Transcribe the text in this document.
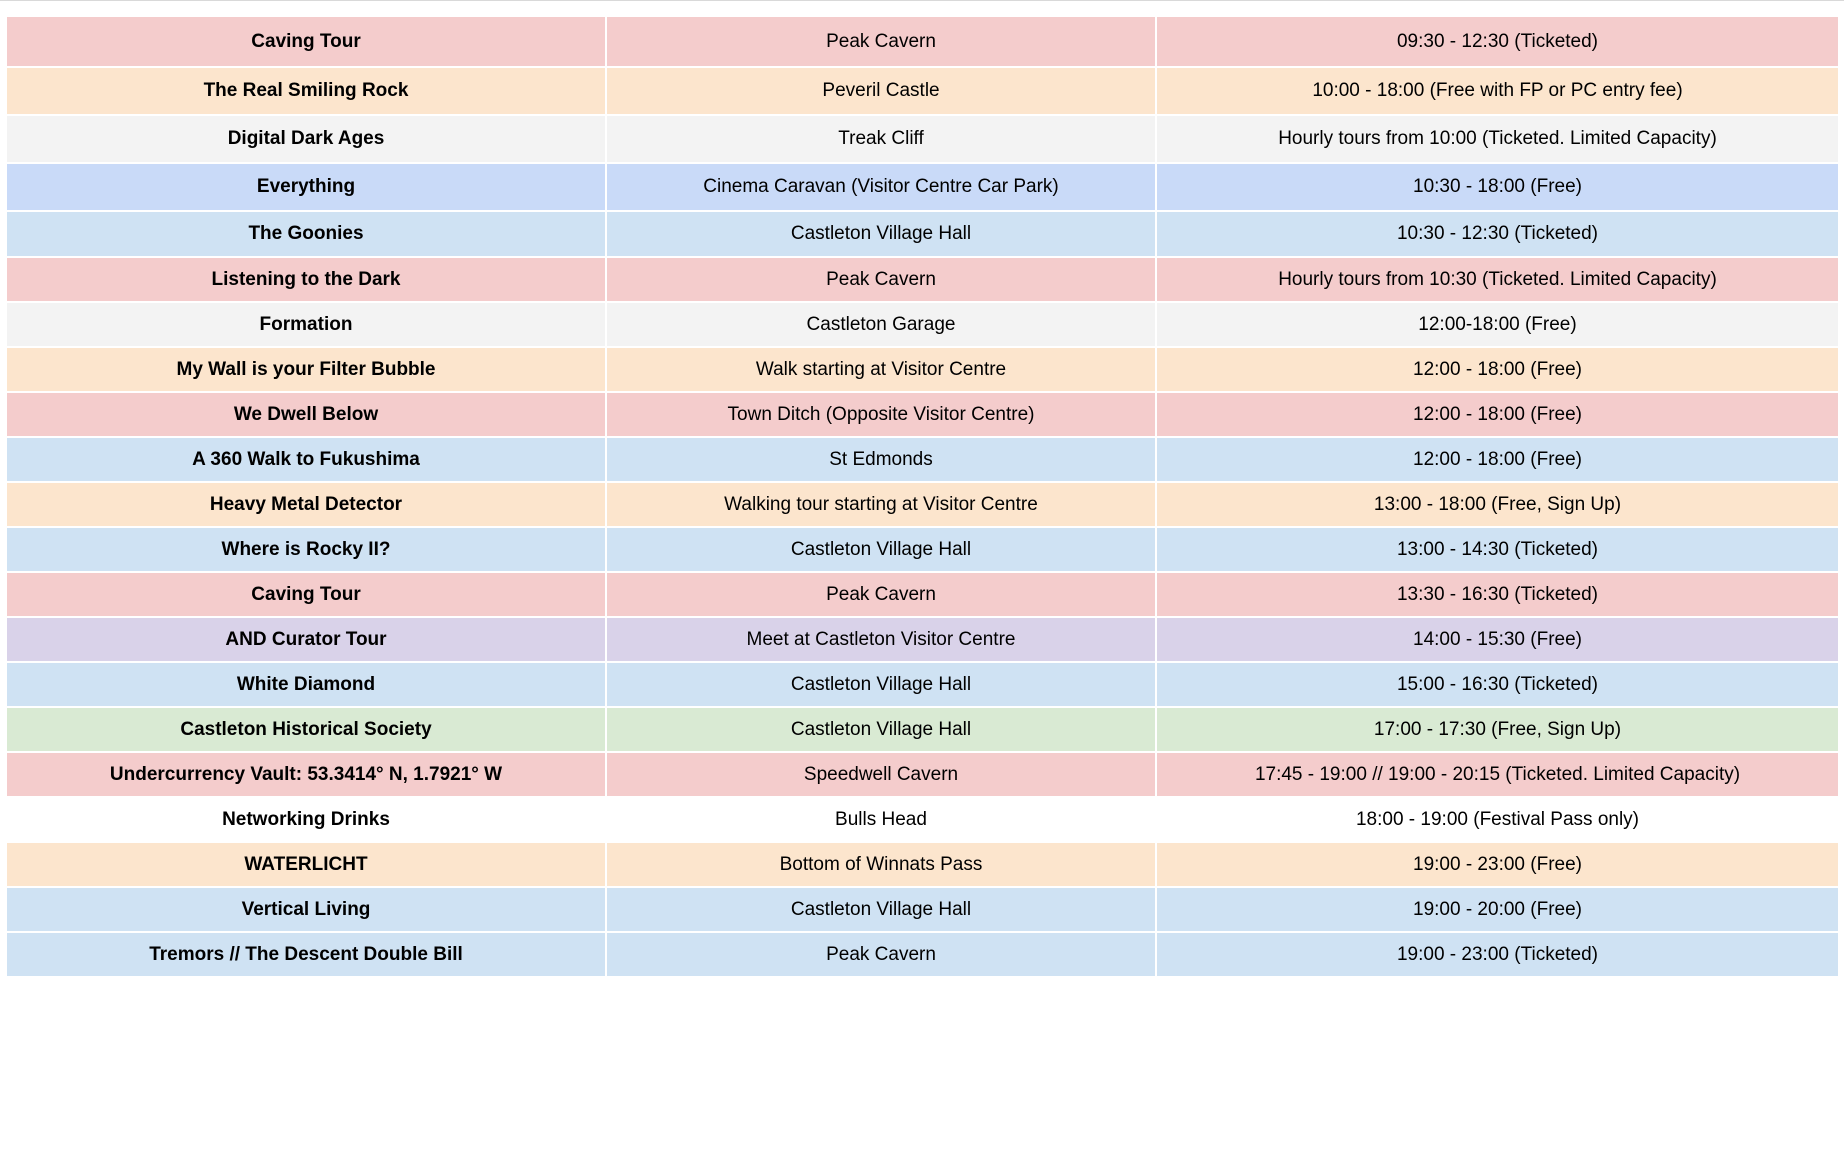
Caving Tour	Peak Cavern	09:30 - 12:30 (Ticketed)
The Real Smiling Rock	Peveril Castle	10:00 - 18:00 (Free with FP or PC entry fee)
Digital Dark Ages	Treak Cliff	Hourly tours from 10:00 (Ticketed. Limited Capacity)
Everything	Cinema Caravan (Visitor Centre Car Park)	10:30 - 18:00 (Free)
The Goonies	Castleton Village Hall	10:30 - 12:30 (Ticketed)
Listening to the Dark	Peak Cavern	Hourly tours from 10:30 (Ticketed. Limited Capacity)
Formation	Castleton Garage	12:00-18:00 (Free)
My Wall is your Filter Bubble	Walk starting at Visitor Centre	12:00 - 18:00 (Free)
We Dwell Below	Town Ditch (Opposite Visitor Centre)	12:00 - 18:00 (Free)
A 360 Walk to Fukushima	St Edmonds	12:00 - 18:00 (Free)
Heavy Metal Detector	Walking tour starting at Visitor Centre	13:00 - 18:00 (Free, Sign Up)
Where is Rocky II?	Castleton Village Hall	13:00 - 14:30 (Ticketed)
Caving Tour	Peak Cavern	13:30 - 16:30 (Ticketed)
AND Curator Tour	Meet at Castleton Visitor Centre	14:00 - 15:30 (Free)
White Diamond	Castleton Village Hall	15:00 - 16:30 (Ticketed)
Castleton Historical Society	Castleton Village Hall	17:00 - 17:30 (Free, Sign Up)
Undercurrency Vault: 53.3414° N, 1.7921° W	Speedwell Cavern	17:45 - 19:00 // 19:00 - 20:15 (Ticketed. Limited Capacity)
Networking Drinks	Bulls Head	18:00 - 19:00 (Festival Pass only)
WATERLICHT	Bottom of Winnats Pass	19:00 - 23:00 (Free)
Vertical Living	Castleton Village Hall	19:00 - 20:00 (Free)
Tremors // The Descent Double Bill	Peak Cavern	19:00 - 23:00 (Ticketed)
